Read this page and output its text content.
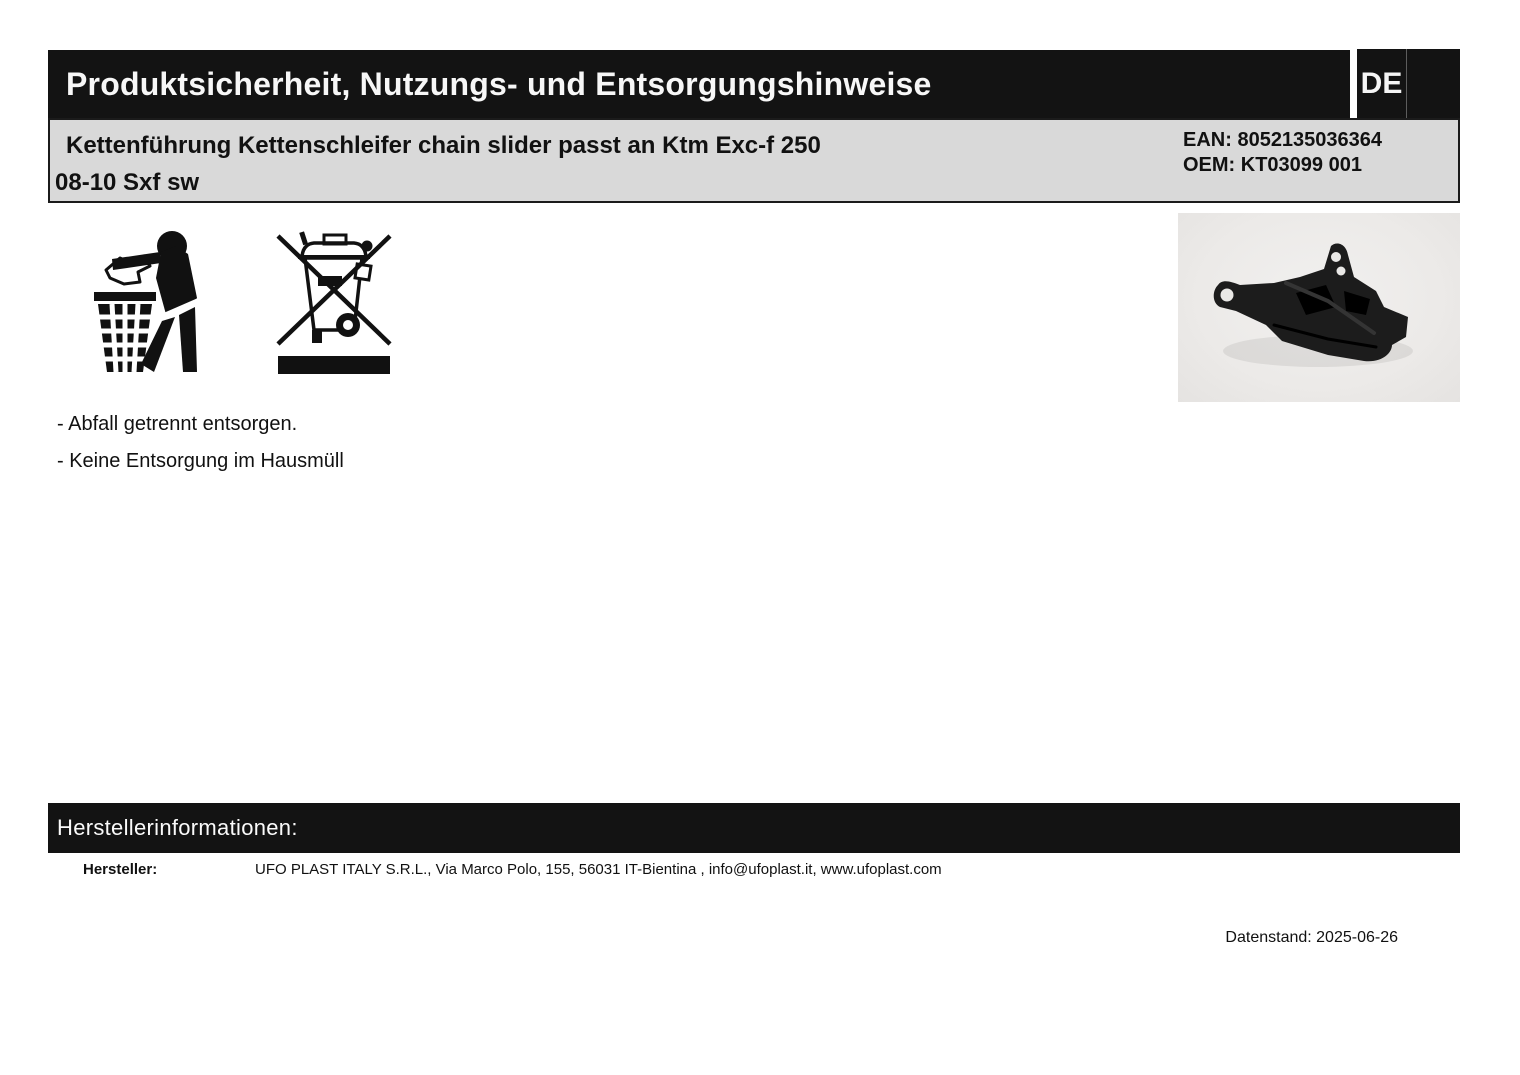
Produktsicherheit, Nutzungs- und Entsorgungshinweise	DE
Kettenführung Kettenschleifer chain slider passt an Ktm Exc-f 250
08-10 Sxf sw
EAN: 8052135036364
OEM: KT03099 001
- Abfall getrennt entsorgen.
- Keine Entsorgung im Hausmüll
Herstellerinformationen:
Hersteller:	UFO PLAST ITALY S.R.L., Via Marco Polo, 155, 56031 IT-Bientina , info@ufoplast.it, www.ufoplast.com
Datenstand: 2025-06-26
